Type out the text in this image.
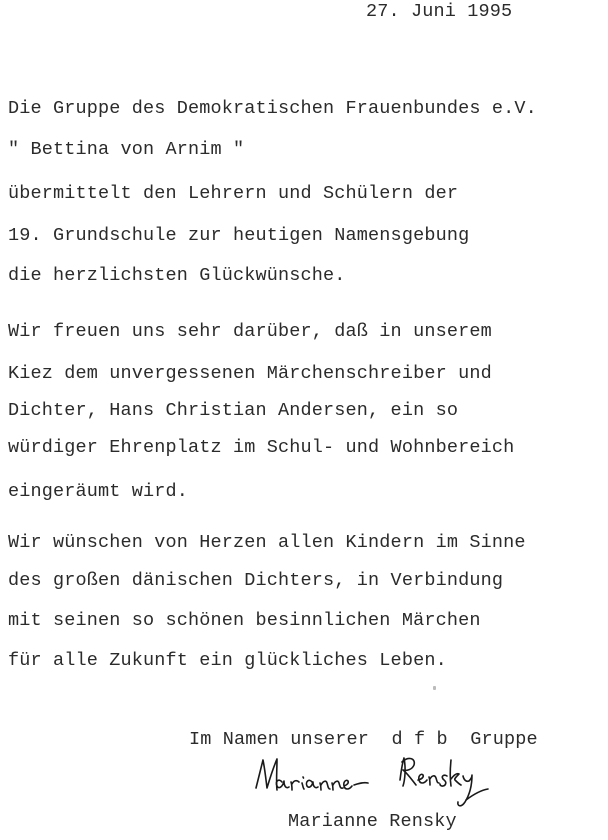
27. Juni 1995
Die Gruppe des Demokratischen Frauenbundes e.V.
" Bettina von Arnim "
übermittelt den Lehrern und Schülern der
19. Grundschule zur heutigen Namensgebung
die herzlichsten Glückwünsche.
Wir freuen uns sehr darüber, daß in unserem
Kiez dem unvergessenen Märchenschreiber und
Dichter, Hans Christian Andersen, ein so
würdiger Ehrenplatz im Schul- und Wohnbereich
eingeräumt wird.
Wir wünschen von Herzen allen Kindern im Sinne
des großen dänischen Dichters, in Verbindung
mit seinen so schönen besinnlichen Märchen
für alle Zukunft ein glückliches Leben.
Im Namen unserer  d f b  Gruppe
Marianne Rensky
